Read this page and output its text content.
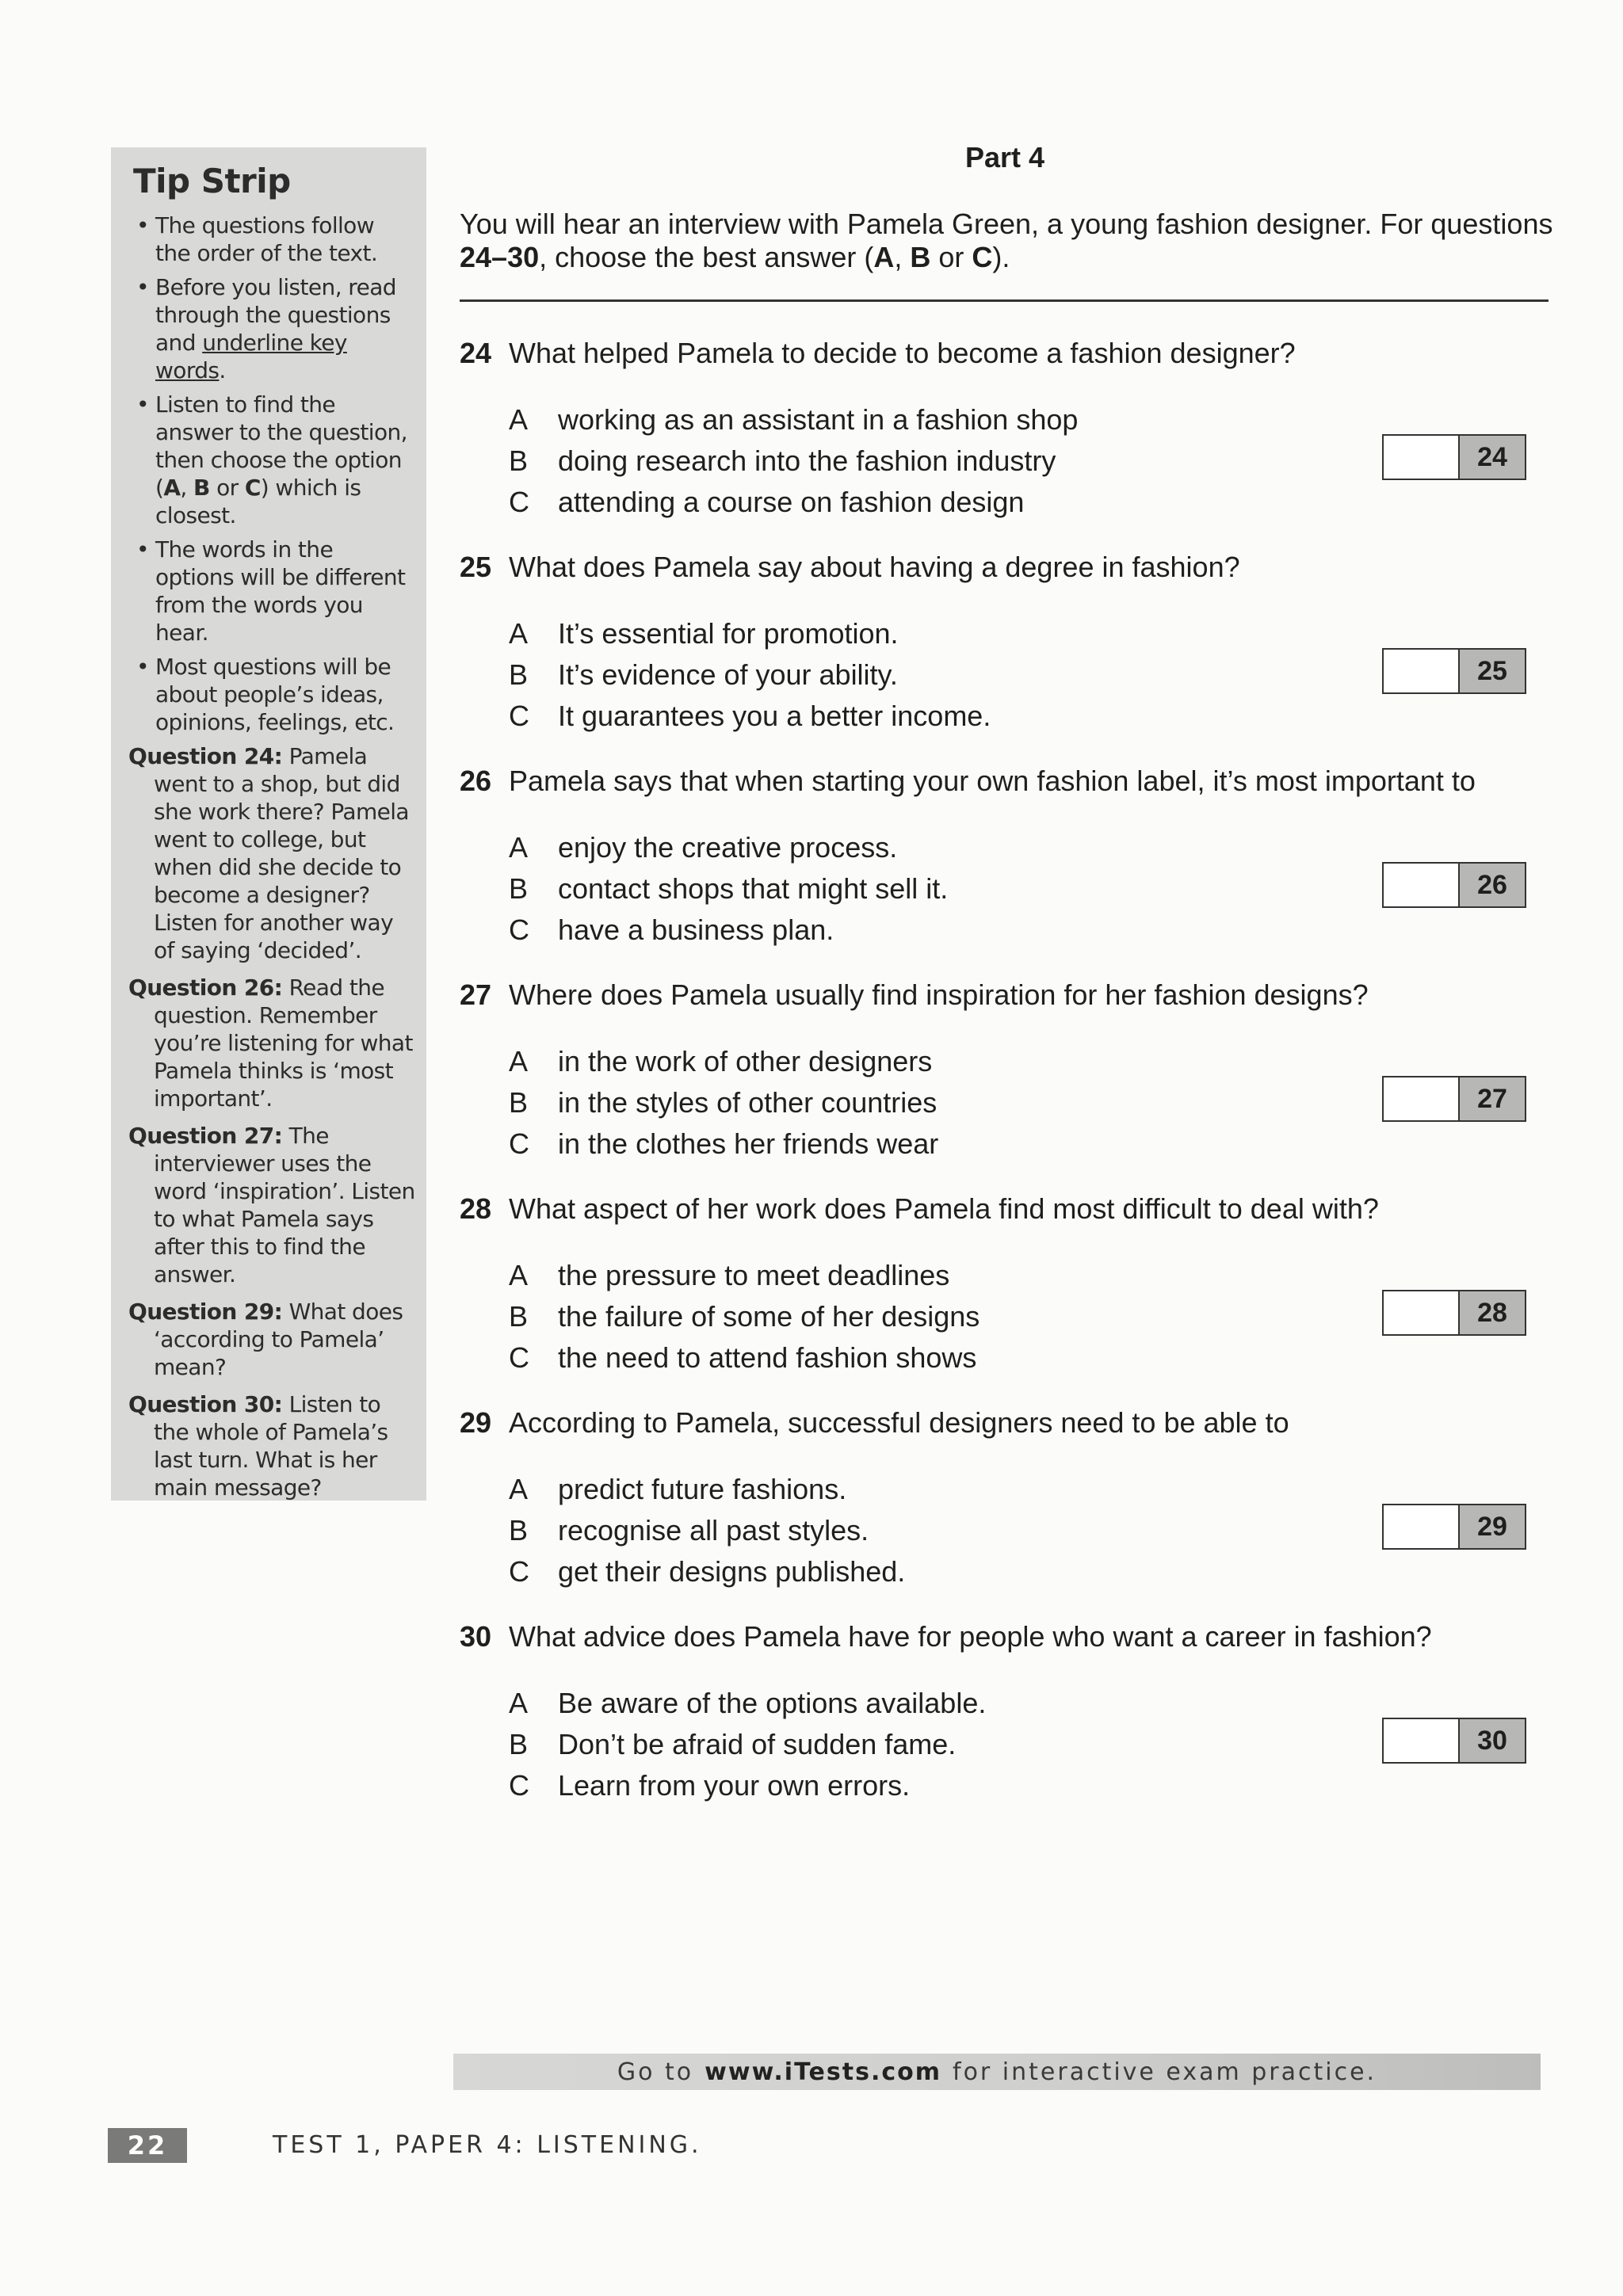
Tip Strip
• The questions follow the order of the text.
• Before you listen, read through the questions and underline key words.
• Listen to find the answer to the question, then choose the option (A, B or C) which is closest.
• The words in the options will be different from the words you hear.
• Most questions will be about people’s ideas, opinions, feelings, etc.
Question 24: Pamela went to a shop, but did she work there? Pamela went to college, but when did she decide to become a designer? Listen for another way of saying ‘decided’.
Question 26: Read the question. Remember you’re listening for what Pamela thinks is ‘most important’.
Question 27: The interviewer uses the word ‘inspiration’. Listen to what Pamela says after this to find the answer.
Question 29: What does ‘according to Pamela’ mean?
Question 30: Listen to the whole of Pamela’s last turn. What is her main message?
Part 4
You will hear an interview with Pamela Green, a young fashion designer. For questions 24–30, choose the best answer (A, B or C).
24 What helped Pamela to decide to become a fashion designer?
A working as an assistant in a fashion shop
B doing research into the fashion industry
C attending a course on fashion design
24
25 What does Pamela say about having a degree in fashion?
A It’s essential for promotion.
B It’s evidence of your ability.
C It guarantees you a better income.
25
26 Pamela says that when starting your own fashion label, it’s most important to
A enjoy the creative process.
B contact shops that might sell it.
C have a business plan.
26
27 Where does Pamela usually find inspiration for her fashion designs?
A in the work of other designers
B in the styles of other countries
C in the clothes her friends wear
27
28 What aspect of her work does Pamela find most difficult to deal with?
A the pressure to meet deadlines
B the failure of some of her designs
C the need to attend fashion shows
28
29 According to Pamela, successful designers need to be able to
A predict future fashions.
B recognise all past styles.
C get their designs published.
29
30 What advice does Pamela have for people who want a career in fashion?
A Be aware of the options available.
B Don’t be afraid of sudden fame.
C Learn from your own errors.
30
Go to www.iTests.com for interactive exam practice.
22	TEST 1, PAPER 4: LISTENING.
